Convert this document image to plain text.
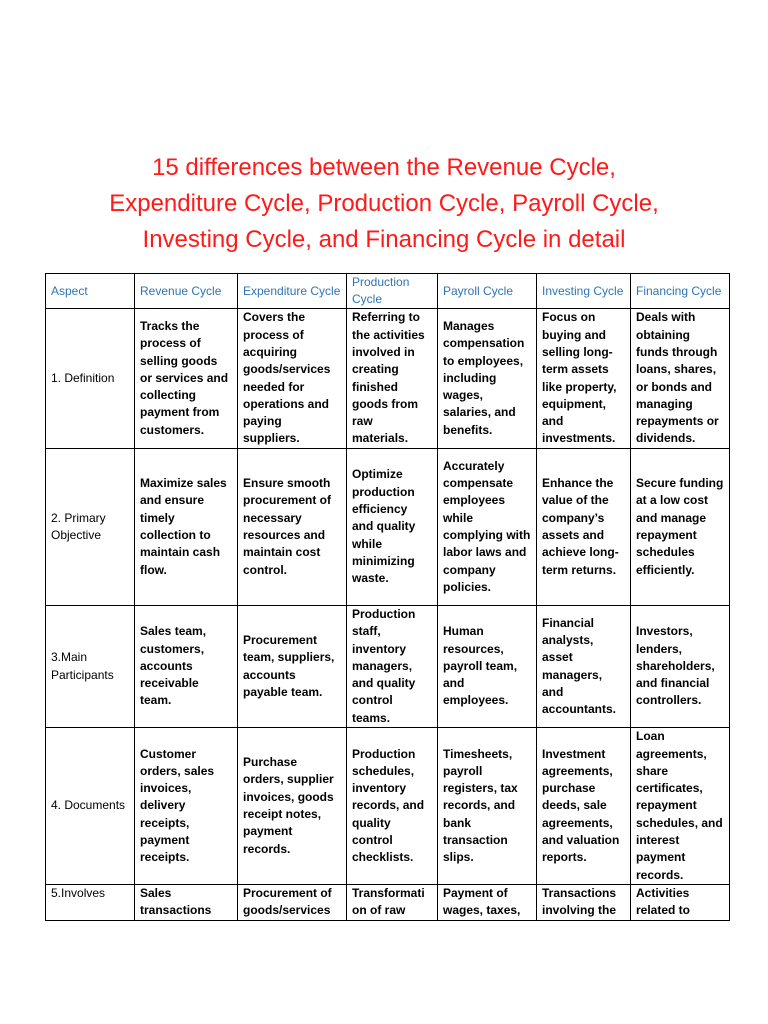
15 differences between the Revenue Cycle,
Expenditure Cycle, Production Cycle, Payroll Cycle,
Investing Cycle, and Financing Cycle in detail
Aspect	Revenue Cycle	Expenditure Cycle	Production Cycle	Payroll Cycle	Investing Cycle	Financing Cycle
1. Definition	Tracks the process of selling goods or services and collecting payment from customers.	Covers the process of acquiring goods/services needed for operations and paying suppliers.	Referring to the activities involved in creating finished goods from raw materials.	Manages compensation to employees, including wages, salaries, and benefits.	Focus on buying and selling long-term assets like property, equipment, and investments.	Deals with obtaining funds through loans, shares, or bonds and managing repayments or dividends.
2. Primary Objective	Maximize sales and ensure timely collection to maintain cash flow.	Ensure smooth procurement of necessary resources and maintain cost control.	Optimize production efficiency and quality while minimizing waste.	Accurately compensate employees while complying with labor laws and company policies.	Enhance the value of the company’s assets and achieve long-term returns.	Secure funding at a low cost and manage repayment schedules efficiently.
3.Main Participants	Sales team, customers, accounts receivable team.	Procurement team, suppliers, accounts payable team.	Production staff, inventory managers, and quality control teams.	Human resources, payroll team, and employees.	Financial analysts, asset managers, and accountants.	Investors, lenders, shareholders, and financial controllers.
4. Documents	Customer orders, sales invoices, delivery receipts, payment receipts.	Purchase orders, supplier invoices, goods receipt notes, payment records.	Production schedules, inventory records, and quality control checklists.	Timesheets, payroll registers, tax records, and bank transaction slips.	Investment agreements, purchase deeds, sale agreements, and valuation reports.	Loan agreements, share certificates, repayment schedules, and interest payment records.
5.Involves	Sales transactions	Procurement of goods/services	Transformati on of raw	Payment of wages, taxes,	Transactions involving the	Activities related to
